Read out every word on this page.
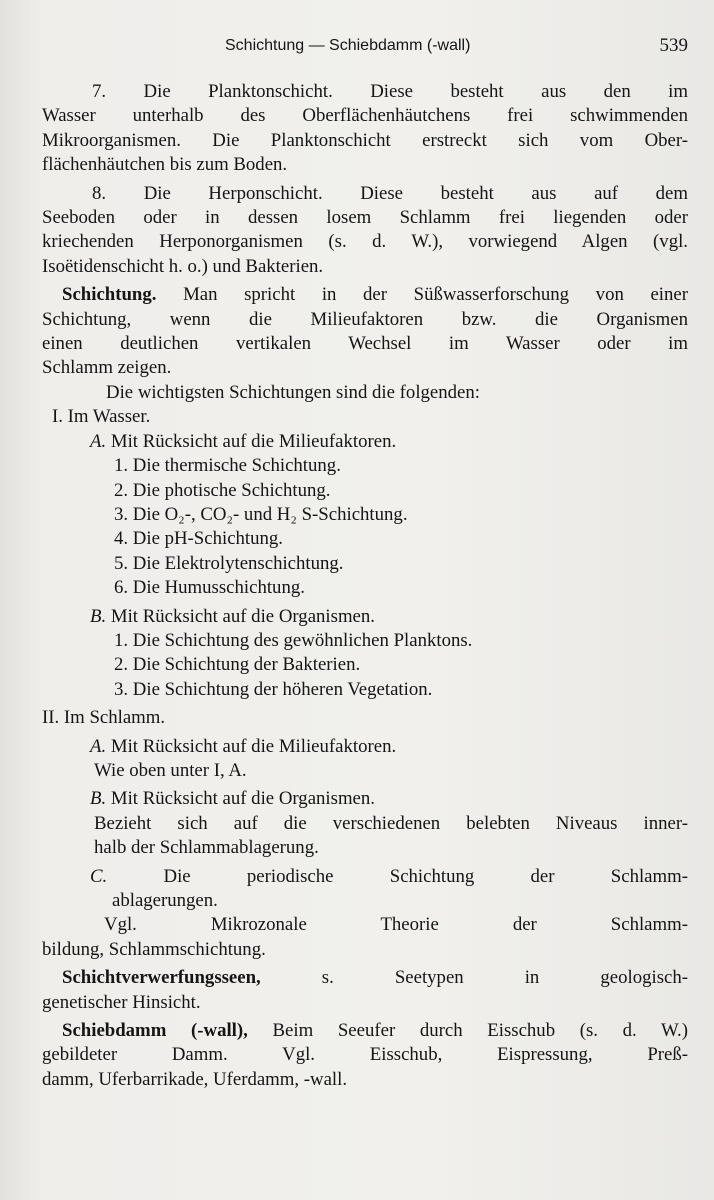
Schichtung — Schiebdamm (-wall)	539
7. Die Planktonschicht. Diese besteht aus den im
Wasser unterhalb des Oberflächenhäutchens frei schwimmenden
Mikroorganismen. Die Planktonschicht erstreckt sich vom Ober-
flächenhäutchen bis zum Boden.
8. Die Herponschicht. Diese besteht aus auf dem
Seeboden oder in dessen losem Schlamm frei liegenden oder
kriechenden Herponorganismen (s. d. W.), vorwiegend Algen (vgl.
Isoëtidenschicht h. o.) und Bakterien.
Schichtung. Man spricht in der Süßwasserforschung von einer
Schichtung, wenn die Milieufaktoren bzw. die Organismen
einen deutlichen vertikalen Wechsel im Wasser oder im
Schlamm zeigen.
Die wichtigsten Schichtungen sind die folgenden:
I. Im Wasser.
A. Mit Rücksicht auf die Milieufaktoren.
1. Die thermische Schichtung.
2. Die photische Schichtung.
3. Die O₂-, CO₂- und H₂ S-Schichtung.
4. Die pH-Schichtung.
5. Die Elektrolytenschichtung.
6. Die Humusschichtung.
B. Mit Rücksicht auf die Organismen.
1. Die Schichtung des gewöhnlichen Planktons.
2. Die Schichtung der Bakterien.
3. Die Schichtung der höheren Vegetation.
II. Im Schlamm.
A. Mit Rücksicht auf die Milieufaktoren.
Wie oben unter I, A.
B. Mit Rücksicht auf die Organismen.
Bezieht sich auf die verschiedenen belebten Niveaus inner-
halb der Schlammablagerung.
C. Die periodische Schichtung der Schlamm-
ablagerungen.
Vgl. Mikrozonale Theorie der Schlamm-
bildung, Schlammschichtung.
Schichtverwerfungsseen, s. Seetypen in geologisch-
genetischer Hinsicht.
Schiebdamm (-wall), Beim Seeufer durch Eisschub (s. d. W.)
gebildeter Damm. Vgl. Eisschub, Eispressung, Preß-
damm, Uferbarrikade, Uferdamm, -wall.
